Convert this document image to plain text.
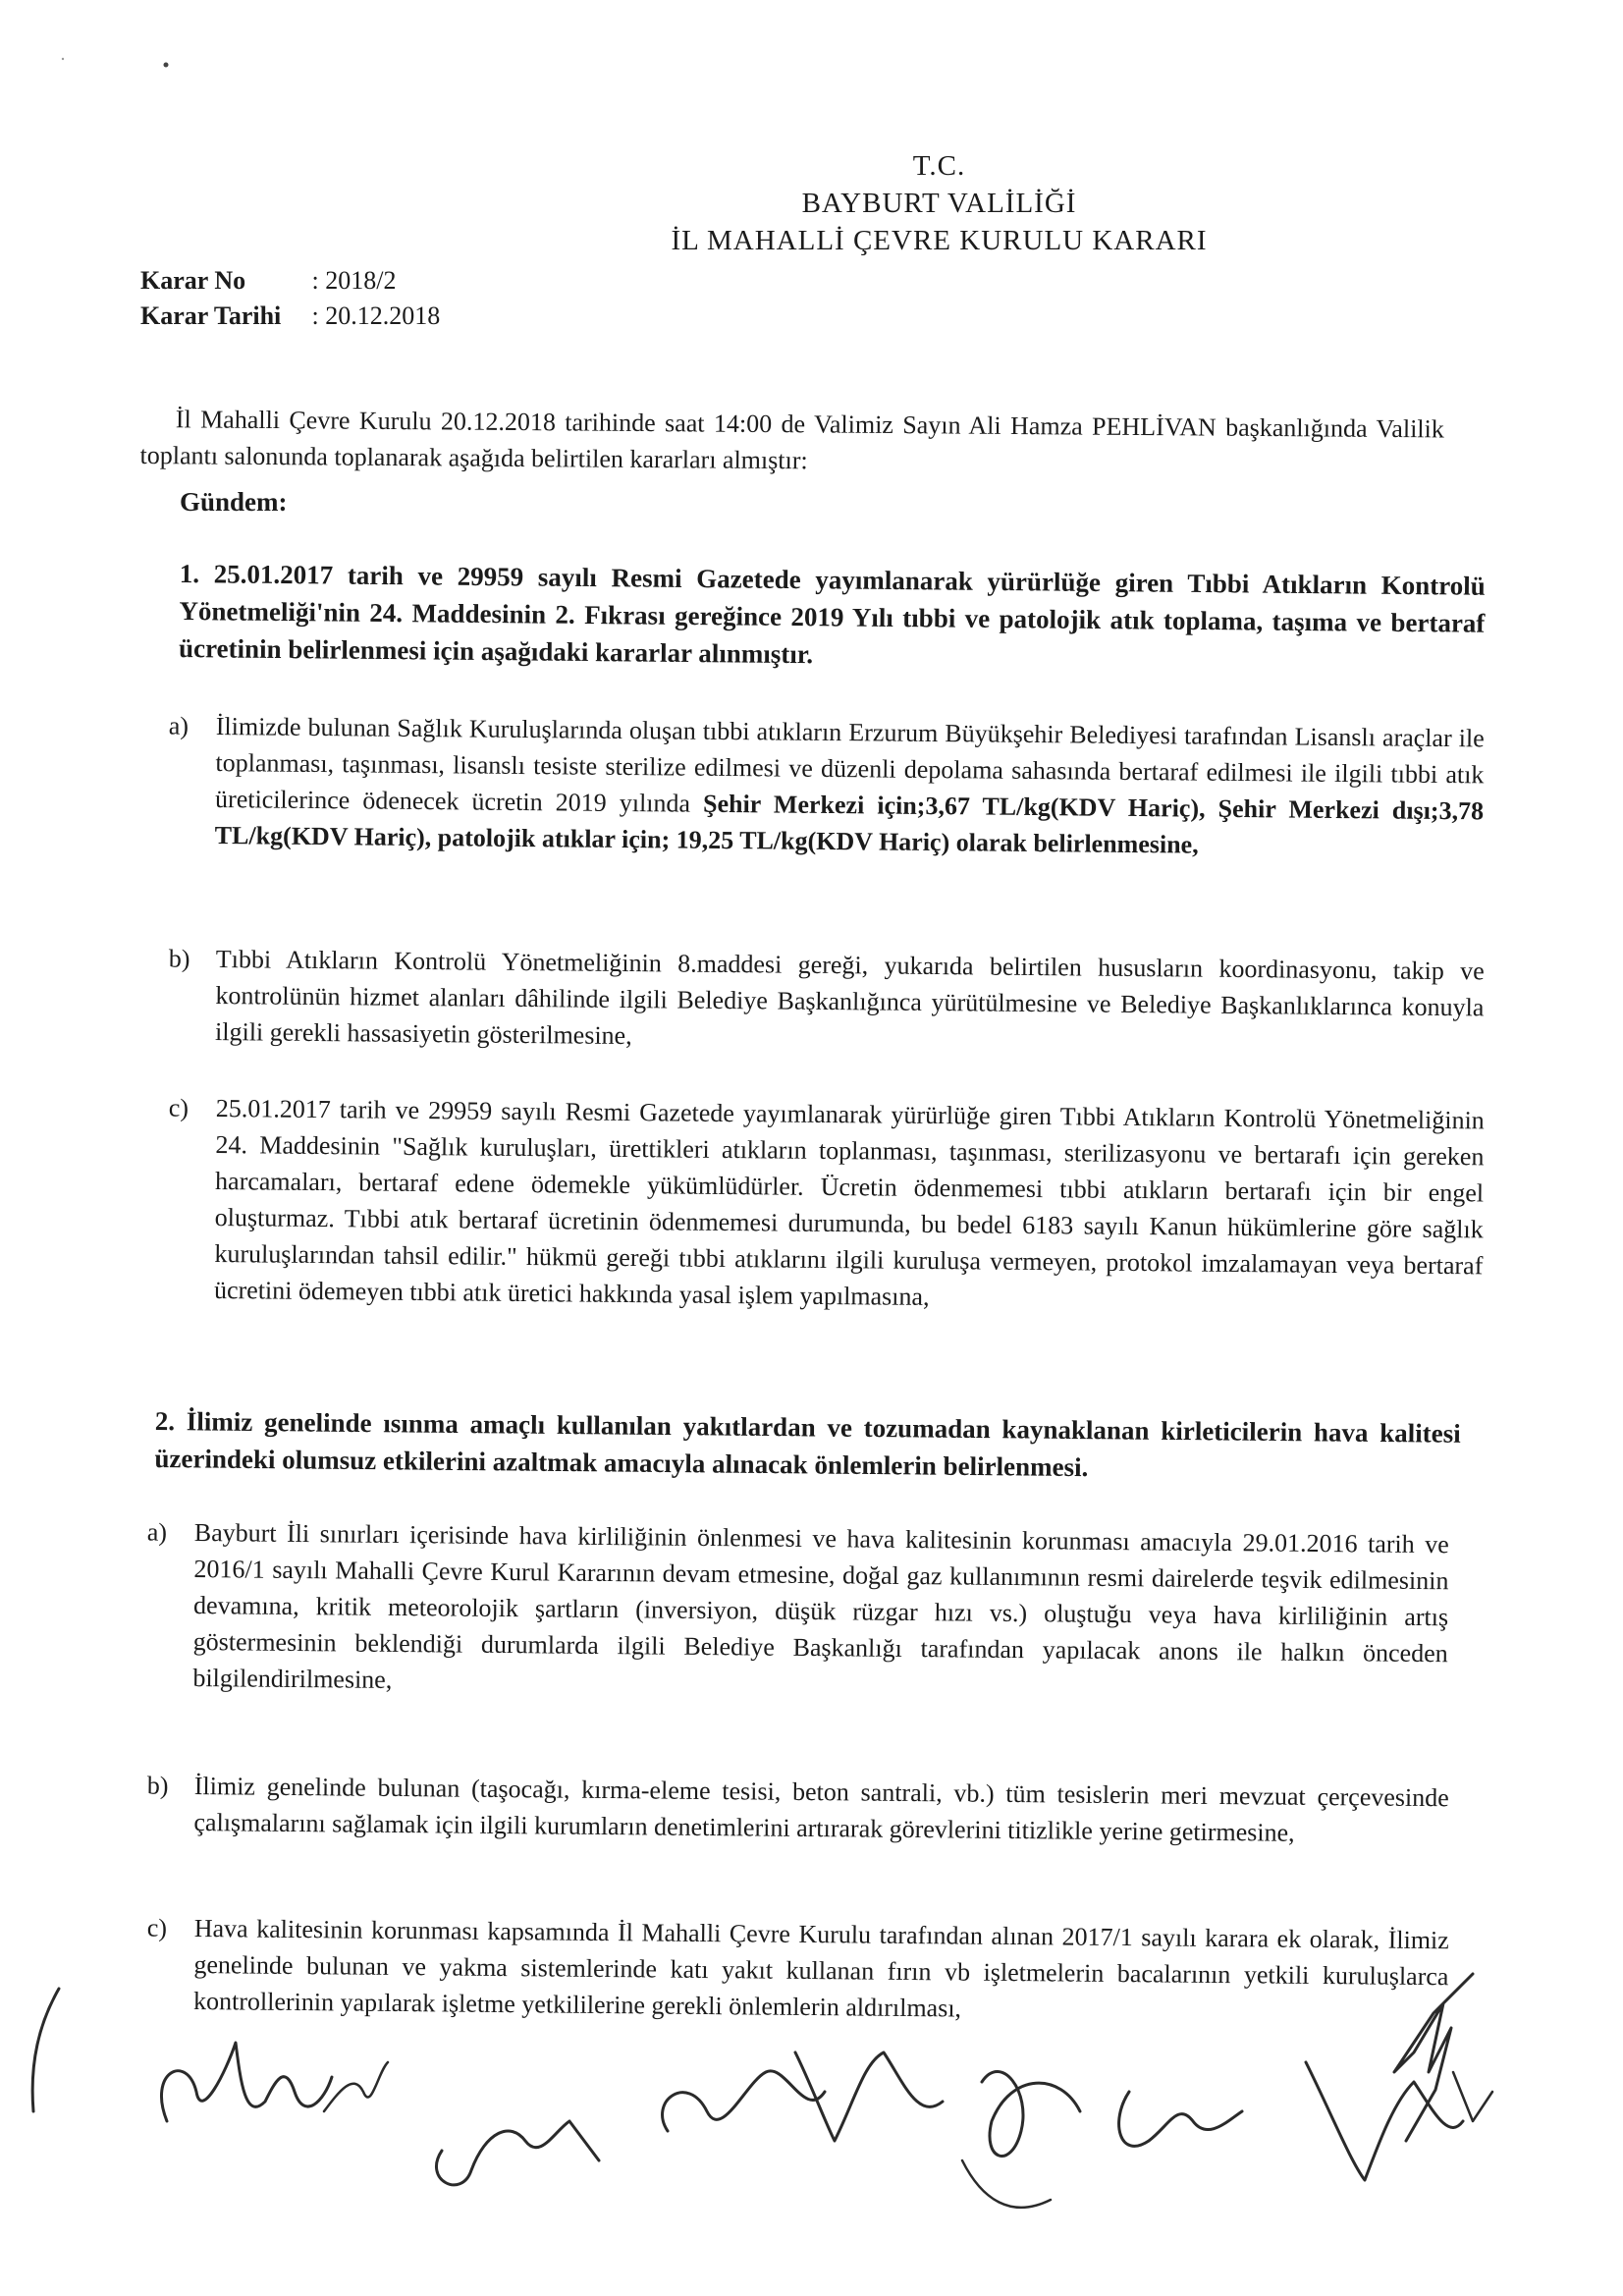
T.C.
BAYBURT VALİLİĞİ
İL MAHALLİ ÇEVRE KURULU KARARI
Karar No	: 2018/2
Karar Tarihi : 20.12.2018

İl Mahalli Çevre Kurulu 20.12.2018 tarihinde saat 14:00 de Valimiz Sayın Ali Hamza PEHLİVAN başkanlığında Valilik toplantı salonunda toplanarak aşağıda belirtilen kararları almıştır:

Gündem:
1. 25.01.2017 tarih ve 29959 sayılı Resmi Gazetede yayımlanarak yürürlüğe giren Tıbbi Atıkların Kontrolü Yönetmeliği'nin 24. Maddesinin 2. Fıkrası gereğince 2019 Yılı tıbbi ve patolojik atık toplama, taşıma ve bertaraf ücretinin belirlenmesi için aşağıdaki kararlar alınmıştır.
a) İlimizde bulunan Sağlık Kuruluşlarında oluşan tıbbi atıkların Erzurum Büyükşehir Belediyesi tarafından Lisanslı araçlar ile toplanması, taşınması, lisanslı tesiste sterilize edilmesi ve düzenli depolama sahasında bertaraf edilmesi ile ilgili tıbbi atık üreticilerince ödenecek ücretin 2019 yılında Şehir Merkezi için;3,67 TL/kg(KDV Hariç), Şehir Merkezi dışı;3,78 TL/kg(KDV Hariç), patolojik atıklar için; 19,25 TL/kg(KDV Hariç) olarak belirlenmesine,
b) Tıbbi Atıkların Kontrolü Yönetmeliğinin 8.maddesi gereği, yukarıda belirtilen hususların koordinasyonu, takip ve kontrolünün hizmet alanları dâhilinde ilgili Belediye Başkanlığınca yürütülmesine ve Belediye Başkanlıklarınca konuyla ilgili gerekli hassasiyetin gösterilmesine,
c) 25.01.2017 tarih ve 29959 sayılı Resmi Gazetede yayımlanarak yürürlüğe giren Tıbbi Atıkların Kontrolü Yönetmeliğinin 24. Maddesinin "Sağlık kuruluşları, ürettikleri atıkların toplanması, taşınması, sterilizasyonu ve bertarafı için gereken harcamaları, bertaraf edene ödemekle yükümlüdürler. Ücretin ödenmemesi tıbbi atıkların bertarafı için bir engel oluşturmaz. Tıbbi atık bertaraf ücretinin ödenmemesi durumunda, bu bedel 6183 sayılı Kanun hükümlerine göre sağlık kuruluşlarından tahsil edilir." hükmü gereği tıbbi atıklarını ilgili kuruluşa vermeyen, protokol imzalamayan veya bertaraf ücretini ödemeyen tıbbi atık üretici hakkında yasal işlem yapılmasına,
2. İlimiz genelinde ısınma amaçlı kullanılan yakıtlardan ve tozumadan kaynaklanan kirleticilerin hava kalitesi üzerindeki olumsuz etkilerini azaltmak amacıyla alınacak önlemlerin belirlenmesi.
a) Bayburt İli sınırları içerisinde hava kirliliğinin önlenmesi ve hava kalitesinin korunması amacıyla 29.01.2016 tarih ve 2016/1 sayılı Mahalli Çevre Kurul Kararının devam etmesine, doğal gaz kullanımının resmi dairelerde teşvik edilmesinin devamına, kritik meteorolojik şartların (inversiyon, düşük rüzgar hızı vs.) oluştuğu veya hava kirliliğinin artış göstermesinin beklendiği durumlarda ilgili Belediye Başkanlığı tarafından yapılacak anons ile halkın önceden bilgilendirilmesine,
b) İlimiz genelinde bulunan (taşocağı, kırma-eleme tesisi, beton santrali, vb.) tüm tesislerin meri mevzuat çerçevesinde çalışmalarını sağlamak için ilgili kurumların denetimlerini artırarak görevlerini titizlikle yerine getirmesine,
c) Hava kalitesinin korunması kapsamında İl Mahalli Çevre Kurulu tarafından alınan 2017/1 sayılı karara ek olarak, İlimiz genelinde bulunan ve yakma sistemlerinde katı yakıt kullanan fırın vb işletmelerin bacalarının yetkili kuruluşlarca kontrollerinin yapılarak işletme yetkililerine gerekli önlemlerin aldırılması,
